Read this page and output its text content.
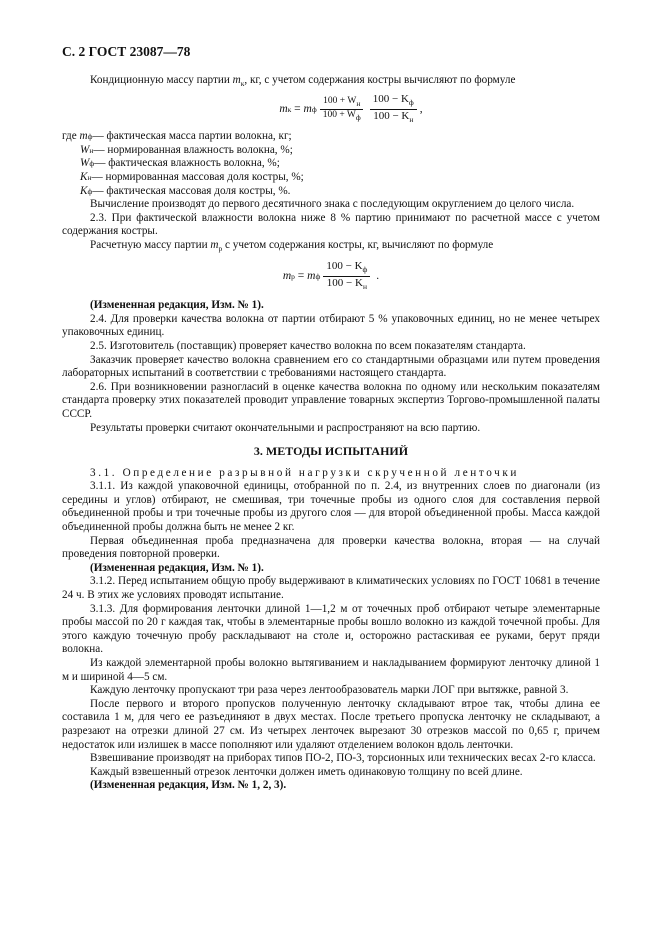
С. 2 ГОСТ 23087—78

Кондиционную массу партии $m_к$, кг, с учетом содержания костры вычисляют по формуле

m к
=
m ф $\frac{100 + W_н}{100 + W_ф} \frac{100 - K_ф}{100 - K_н}$ ,
где
m ф — фактическая масса партии волокна, кг;
W н — нормированная влажность волокна, %;
W ф — фактическая влажность волокна, %;
K н — нормированная массовая доля костры, %;
K ф — фактическая массовая доля костры, %.

Вычисление производят до первого десятичного знака с последующим округлением до целого числа.

2.3. При фактической влажности волокна ниже 8 % партию принимают по расчетной массе с учетом содержания костры.

Расчетную массу партии $m_р$ с учетом содержания костры, кг, вычисляют по формуле

m р
=
m ф $\frac{100 - K_ф}{100 - K_н}$
.

(Измененная редакция, Изм. № 1).

2.4. Для проверки качества волокна от партии отбирают 5 % упаковочных единиц, но не менее четырех упаковочных единиц.

2.5. Изготовитель (поставщик) проверяет качество волокна по всем показателям стандарта.

Заказчик проверяет качество волокна сравнением его со стандартными образцами или путем проведения лабораторных испытаний в соответствии с требованиями настоящего стандарта.

2.6. При возникновении разногласий в оценке качества волокна по одному или нескольким показателям стандарта проверку этих показателей проводит управление товарных экспертиз Торгово-промышленной палаты СССР.

Результаты проверки считают окончательными и распространяют на всю партию.

3. МЕТОДЫ ИСПЫТАНИЙ

3.1. Определение разрывной нагрузки скрученной ленточки

3.1.1. Из каждой упаковочной единицы, отобранной по п. 2.4, из внутренних слоев по диагонали (из середины и углов) отбирают, не смешивая, три точечные пробы из одного слоя для составления первой объединенной пробы и три точечные пробы из другого слоя — для второй объединенной пробы. Масса каждой объединенной пробы должна быть не менее 2 кг.

Первая объединенная проба предназначена для проверки качества волокна, вторая — на случай проведения повторной проверки.

(Измененная редакция, Изм. № 1).

3.1.2. Перед испытанием общую пробу выдерживают в климатических условиях по ГОСТ 10681 в течение 24 ч. В этих же условиях проводят испытание.

3.1.3. Для формирования ленточки длиной 1—1,2 м от точечных проб отбирают четыре элементарные пробы массой по 20 г каждая так, чтобы в элементарные пробы вошло волокно из каждой точечной пробы. Для этого каждую точечную пробу раскладывают на столе и, осторожно растаскивая ее руками, берут пряди волокна.

Из каждой элементарной пробы волокно вытягиванием и накладыванием формируют ленточку длиной 1 м и шириной 4—5 см.

Каждую ленточку пропускают три раза через лентообразователь марки ЛОГ при вытяжке, равной 3.

После первого и второго пропусков полученную ленточку складывают втрое так, чтобы длина ее составила 1 м, для чего ее разъединяют в двух местах. После третьего пропуска ленточку не складывают, а разрезают на отрезки длиной 27 см. Из четырех ленточек вырезают 30 отрезков массой по 0,65 г, причем недостаток или излишек в массе пополняют или удаляют отделением волокон вдоль ленточки.

Взвешивание производят на приборах типов ПО-2, ПО-3, торсионных или технических весах 2-го класса.

Каждый взвешенный отрезок ленточки должен иметь одинаковую толщину по всей длине.

(Измененная редакция, Изм. № 1, 2, 3).
